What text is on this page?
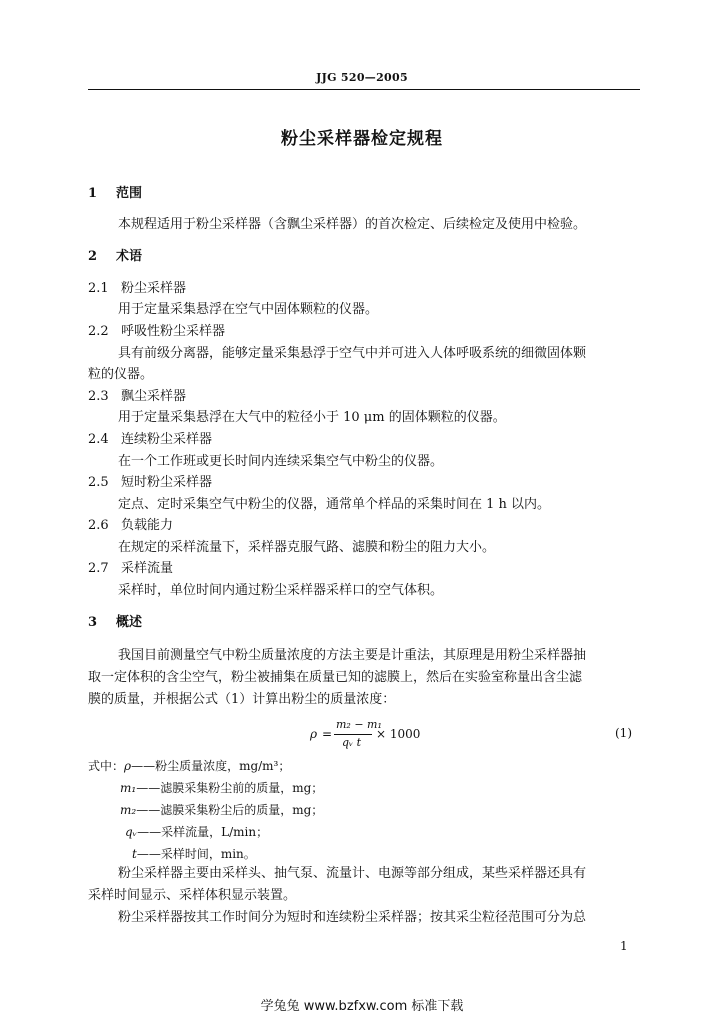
JJG 520—2005
粉尘采样器检定规程
1 范围
本规程适用于粉尘采样器（含飘尘采样器）的首次检定、后续检定及使用中检验。
2 术语
2.1 粉尘采样器
用于定量采集悬浮在空气中固体颗粒的仪器。
2.2 呼吸性粉尘采样器
具有前级分离器，能够定量采集悬浮于空气中并可进入人体呼吸系统的细微固体颗
粒的仪器。
2.3 飘尘采样器
用于定量采集悬浮在大气中的粒径小于 10 μm 的固体颗粒的仪器。
2.4 连续粉尘采样器
在一个工作班或更长时间内连续采集空气中粉尘的仪器。
2.5 短时粉尘采样器
定点、定时采集空气中粉尘的仪器，通常单个样品的采集时间在 1 h 以内。
2.6 负载能力
在规定的采样流量下，采样器克服气路、滤膜和粉尘的阻力大小。
2.7 采样流量
采样时，单位时间内通过粉尘采样器采样口的空气体积。
3 概述
我国目前测量空气中粉尘质量浓度的方法主要是计重法，其原理是用粉尘采样器抽
取一定体积的含尘空气，粉尘被捕集在质量已知的滤膜上，然后在实验室称量出含尘滤
膜的质量，并根据公式（1）计算出粉尘的质量浓度：
ρ =
m₂ − m₁
qᵥ t
× 1000	(1)
式中： ρ——粉尘质量浓度，mg/m³；
m₁——滤膜采集粉尘前的质量，mg；
m₂——滤膜采集粉尘后的质量，mg；
qᵥ——采样流量，L/min；
t——采样时间，min。
粉尘采样器主要由采样头、抽气泵、流量计、电源等部分组成，某些采样器还具有
采样时间显示、采样体积显示装置。
粉尘采样器按其工作时间分为短时和连续粉尘采样器；按其采尘粒径范围可分为总
1
学兔兔 www.bzfxw.com 标准下载
